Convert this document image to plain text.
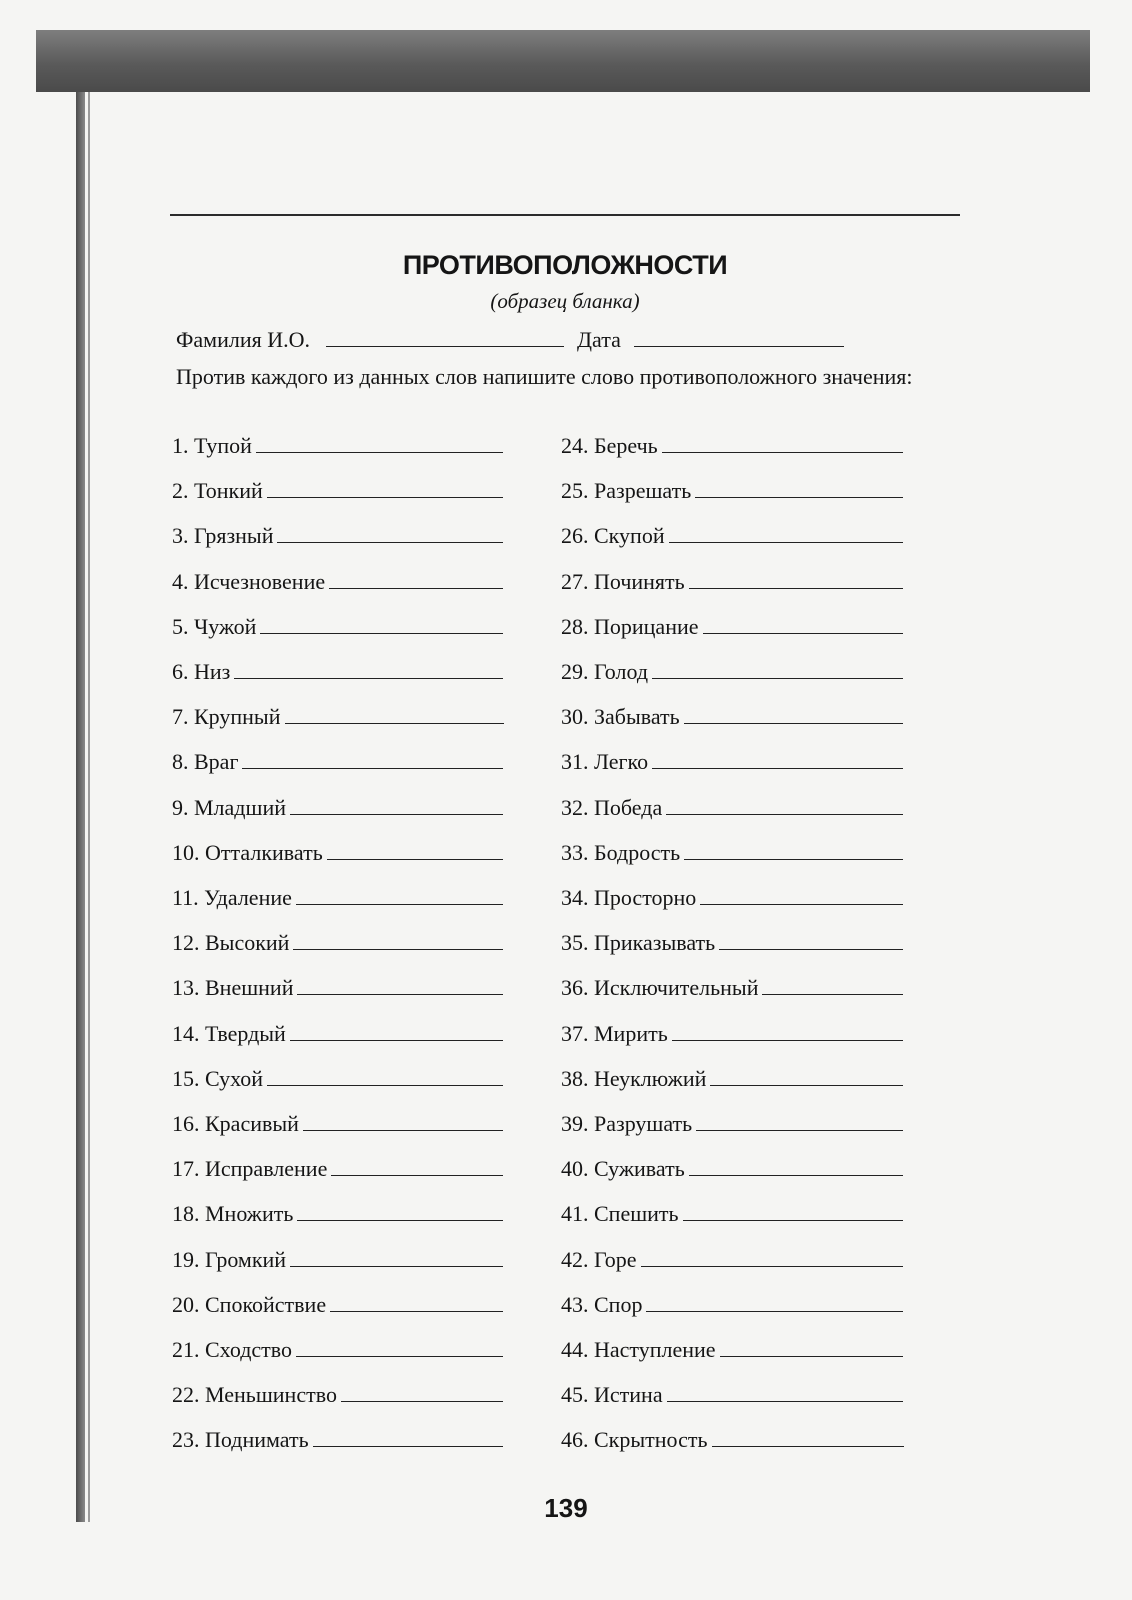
ПРОТИВОПОЛОЖНОСТИ
(образец бланка)
Фамилия И.О.	Дата
Против каждого из данных слов напишите слово противоположного значения:
1. Тупой
2. Тонкий
3. Грязный
4. Исчезновение
5. Чужой
6. Низ
7. Крупный
8. Враг
9. Младший
10. Отталкивать
11. Удаление
12. Высокий
13. Внешний
14. Твердый
15. Сухой
16. Красивый
17. Исправление
18. Множить
19. Громкий
20. Спокойствие
21. Сходство
22. Меньшинство
23. Поднимать
24. Беречь
25. Разрешать
26. Скупой
27. Починять
28. Порицание
29. Голод
30. Забывать
31. Легко
32. Победа
33. Бодрость
34. Просторно
35. Приказывать
36. Исключительный
37. Мирить
38. Неуклюжий
39. Разрушать
40. Суживать
41. Спешить
42. Горе
43. Спор
44. Наступление
45. Истина
46. Скрытность
139
